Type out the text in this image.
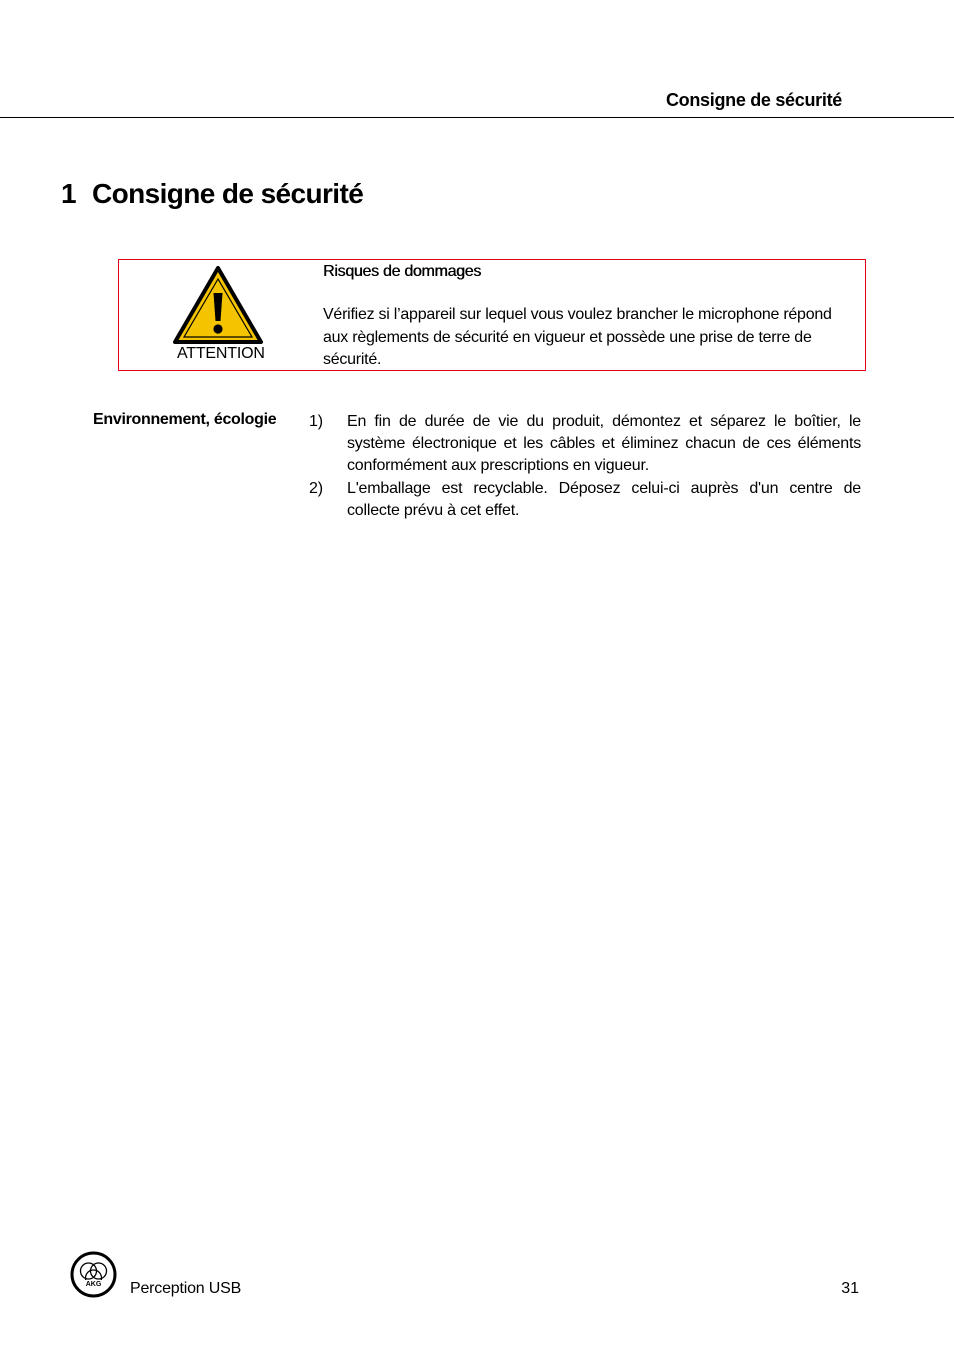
Consigne de sécurité
1 Consigne de sécurité
ATTENTION
Risques de dommages
Vérifiez si l’appareil sur lequel vous voulez brancher le microphone répond aux règlements de sécurité en vigueur et possède une prise de terre de sécurité.
Environnement, écologie 1)	En fin de durée de vie du produit, démontez et séparez le boîtier, le système électronique et les câbles et éliminez chacun de ces éléments conformément aux prescriptions en vigueur.
2)	L'emballage est recyclable. Déposez celui-ci auprès d'un centre de collecte prévu à cet effet.
AKG Perception USB	31
